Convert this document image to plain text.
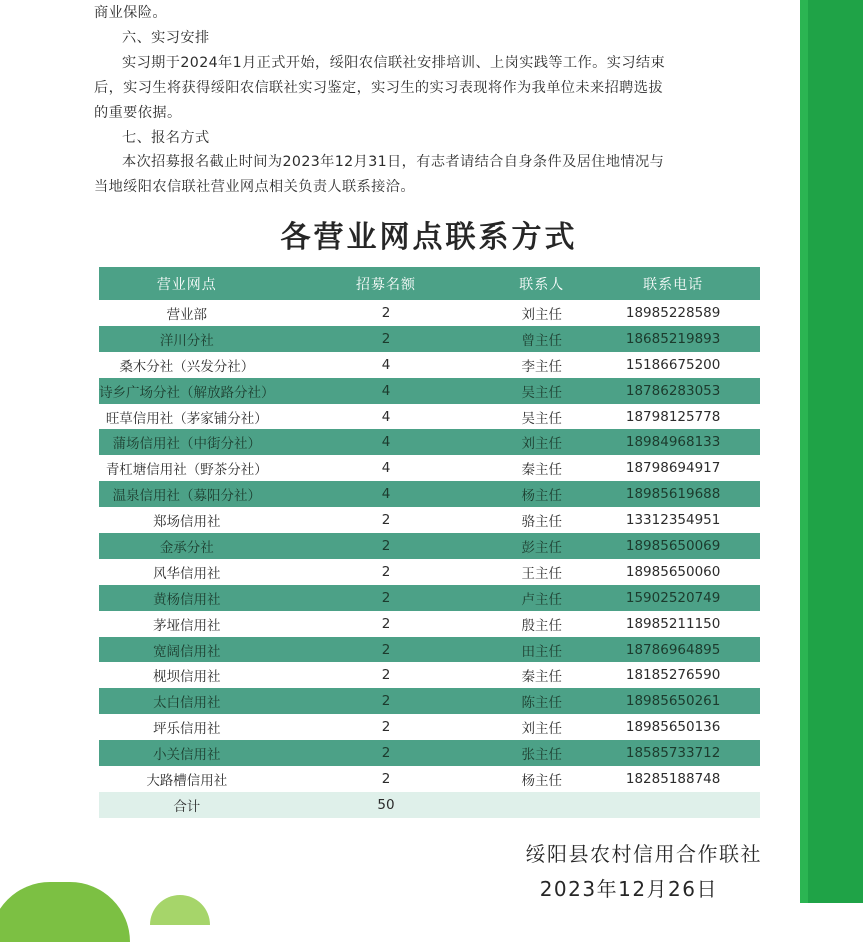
商业保险。
六、实习安排
实习期于2024年1月正式开始，绥阳农信联社安排培训、上岗实践等工作。实习结束
后，实习生将获得绥阳农信联社实习鉴定，实习生的实习表现将作为我单位未来招聘选拔
的重要依据。
七、报名方式
本次招募报名截止时间为2023年12月31日，有志者请结合自身条件及居住地情况与
当地绥阳农信联社营业网点相关负责人联系接洽。
各营业网点联系方式
营业网点	招募名额	联系人	联系电话
营业部	2	刘主任	18985228589
洋川分社	2	曾主任	18685219893
桑木分社（兴发分社）	4	李主任	15186675200
诗乡广场分社（解放路分社）	4	吴主任	18786283053
旺草信用社（茅家铺分社）	4	吴主任	18798125778
蒲场信用社（中街分社）	4	刘主任	18984968133
青杠塘信用社（野茶分社）	4	秦主任	18798694917
温泉信用社（募阳分社）	4	杨主任	18985619688
郑场信用社	2	骆主任	13312354951
金承分社	2	彭主任	18985650069
风华信用社	2	王主任	18985650060
黄杨信用社	2	卢主任	15902520749
茅垭信用社	2	殷主任	18985211150
宽阔信用社	2	田主任	18786964895
枧坝信用社	2	秦主任	18185276590
太白信用社	2	陈主任	18985650261
坪乐信用社	2	刘主任	18985650136
小关信用社	2	张主任	18585733712
大路槽信用社	2	杨主任	18285188748
合计	50		
绥阳县农村信用合作联社
2023年12月26日
